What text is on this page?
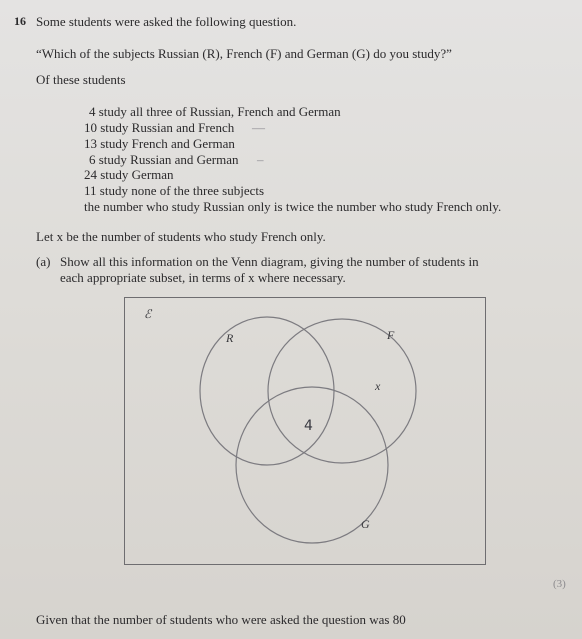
16 Some students were asked the following question.
“Which of the subjects Russian (R), French (F) and German (G) do you study?”
Of these students
4 study all three of Russian, French and German
10 study Russian and French
13 study French and German
6 study Russian and German
24 study German
11 study none of the three subjects
the number who study Russian only is twice the number who study French only.
—
–
Let x be the number of students who study French only.
(a) Show all this information on the Venn diagram, giving the number of students in
each appropriate subset, in terms of x where necessary.
ℰ
R	F
G
x
4
(3)
Given that the number of students who were asked the question was 80
